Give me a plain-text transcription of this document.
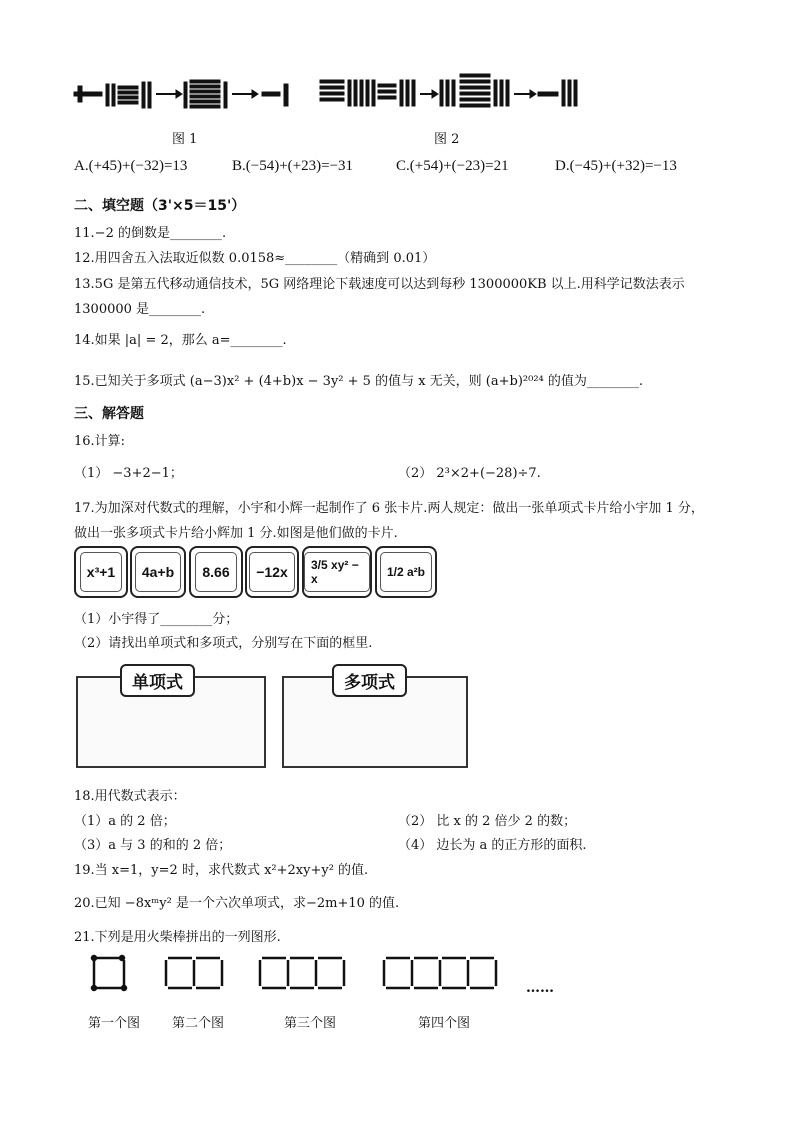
图 1	图 2
A.(+45)+(−32)=13	B.(−54)+(+23)=−31	C.(+54)+(−23)=21	D.(−45)+(+32)=−13
二、填空题（3'×5＝15'）
11.−2 的倒数是________.
12.用四舍五入法取近似数 0.0158≈________（精确到 0.01）
13.5G 是第五代移动通信技术，5G 网络理论下载速度可以达到每秒 1300000KB 以上.用科学记数法表示
1300000 是________.
14.如果 |a| = 2，那么 a=________.
15.已知关于多项式 (a−3)x² + (4+b)x − 3y² + 5 的值与 x 无关，则 (a+b)²⁰²⁴ 的值为________.
三、解答题
16.计算:
（1） −3+2−1；	（2） 2³×2+(−28)÷7.
17.为加深对代数式的理解，小宇和小辉一起制作了 6 张卡片.两人规定：做出一张单项式卡片给小宇加 1 分，
做出一张多项式卡片给小辉加 1 分.如图是他们做的卡片.
x³+1	4a+b	8.66	−12x	3/5 xy² − x	1/2 a²b
（1）小宇得了________分；
（2）请找出单项式和多项式，分别写在下面的框里.
单项式	多项式
18.用代数式表示：
（1）a 的 2 倍；	（2） 比 x 的 2 倍少 2 的数；
（3）a 与 3 的和的 2 倍；	（4） 边长为 a 的正方形的面积.
19.当 x=1，y=2 时，求代数式 x²+2xy+y² 的值.
20.已知 −8xᵐy² 是一个六次单项式，求−2m+10 的值.
21.下列是用火柴棒拼出的一列图形.
……
第一个图 第二个图	第三个图	第四个图
